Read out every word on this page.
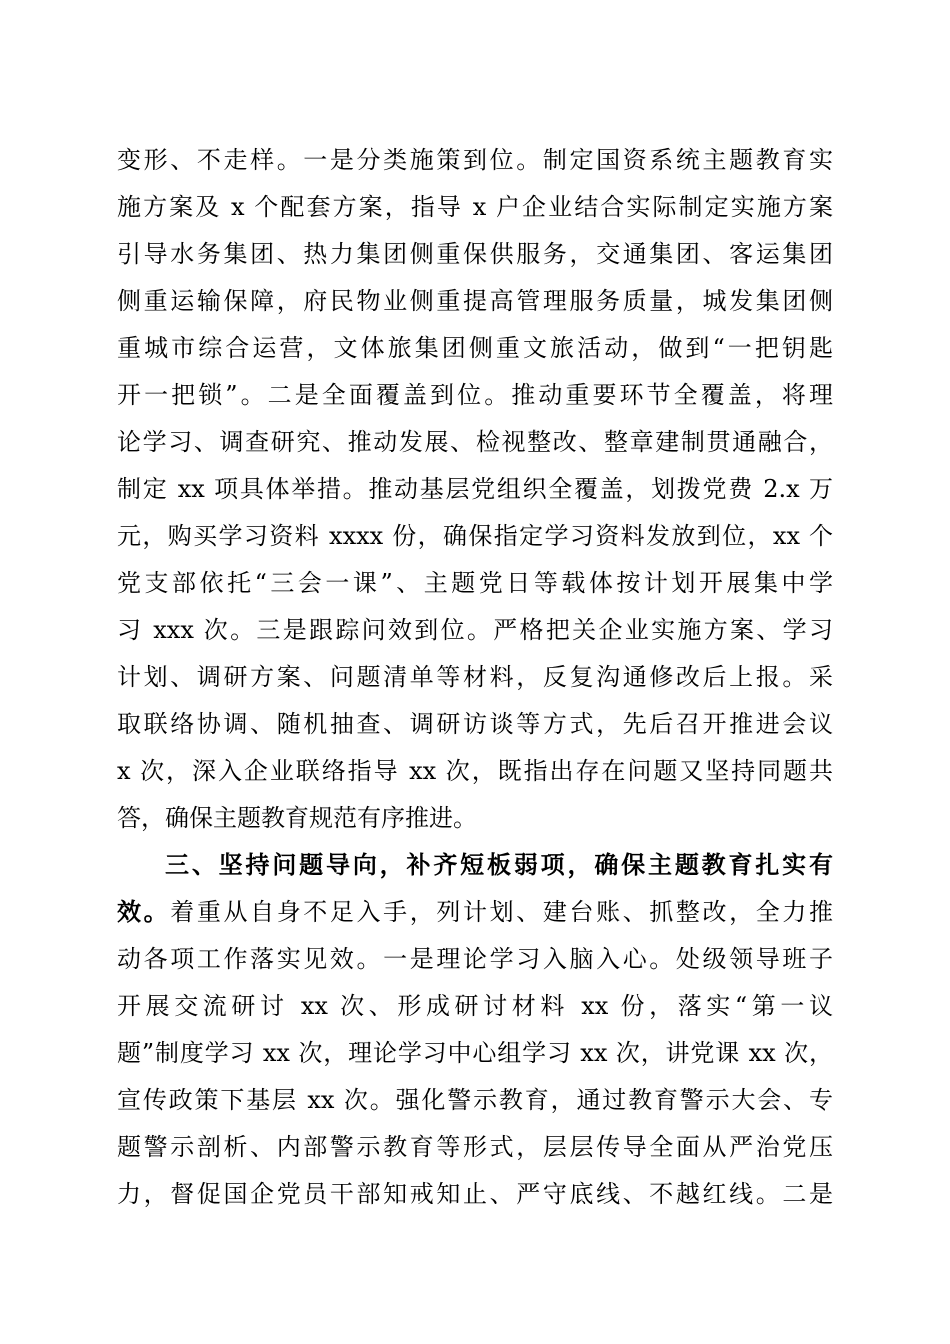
变形、不走样。一是分类施策到位。制定国资系统主题教育实
施方案及 x 个配套方案，指导 x 户企业结合实际制定实施方案
引导水务集团、热力集团侧重保供服务，交通集团、客运集团
侧重运输保障，府民物业侧重提高管理服务质量，城发集团侧
重城市综合运营，文体旅集团侧重文旅活动，做到“一把钥匙
开一把锁”。二是全面覆盖到位。推动重要环节全覆盖，将理
论学习、调查研究、推动发展、检视整改、整章建制贯通融合，
制定 xx 项具体举措。推动基层党组织全覆盖，划拨党费 2.x 万
元，购买学习资料 xxxx 份，确保指定学习资料发放到位，xx 个
党支部依托“三会一课”、主题党日等载体按计划开展集中学
习 xxx 次。三是跟踪问效到位。严格把关企业实施方案、学习
计划、调研方案、问题清单等材料，反复沟通修改后上报。采
取联络协调、随机抽查、调研访谈等方式，先后召开推进会议
x 次，深入企业联络指导 xx 次，既指出存在问题又坚持同题共
答，确保主题教育规范有序推进。
三、坚持问题导向，补齐短板弱项，确保主题教育扎实有
效。着重从自身不足入手，列计划、建台账、抓整改，全力推
动各项工作落实见效。一是理论学习入脑入心。处级领导班子
开展交流研讨 xx 次、形成研讨材料 xx 份，落实“第一议
题”制度学习 xx 次，理论学习中心组学习 xx 次，讲党课 xx 次，
宣传政策下基层 xx 次。强化警示教育，通过教育警示大会、专
题警示剖析、内部警示教育等形式，层层传导全面从严治党压
力，督促国企党员干部知戒知止、严守底线、不越红线。二是
